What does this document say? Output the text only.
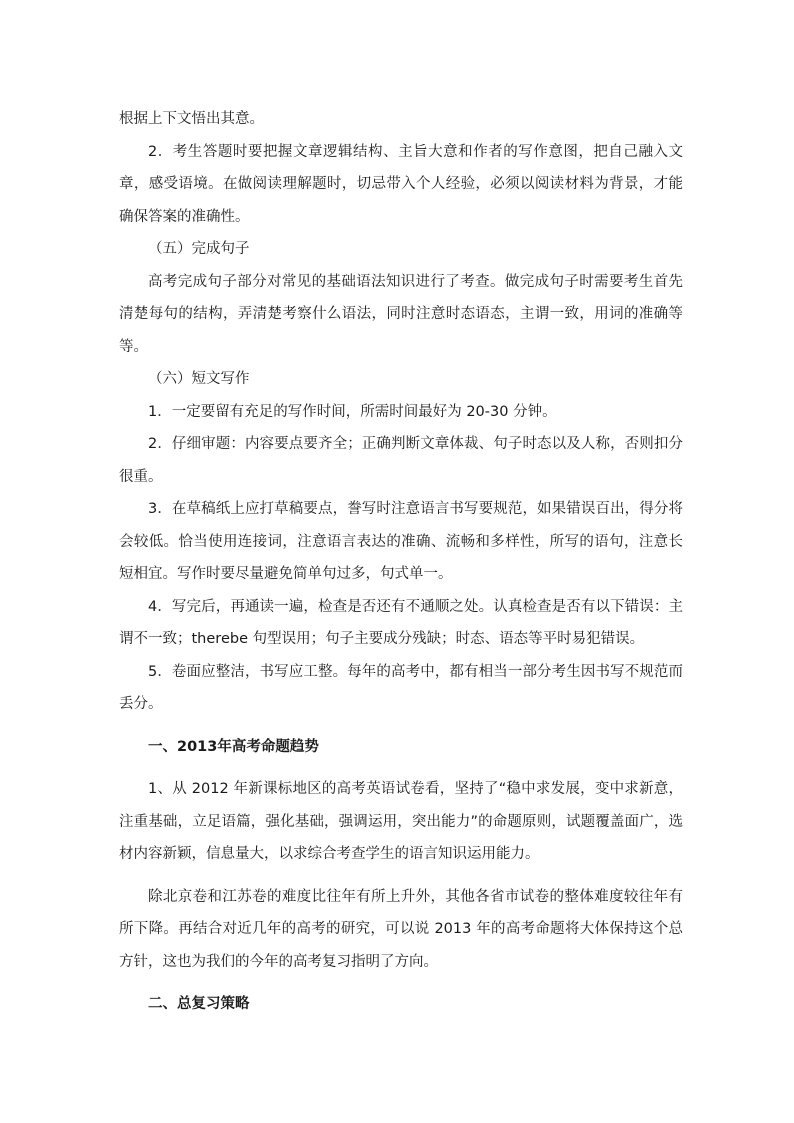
根据上下文悟出其意。

2．考生答题时要把握文章逻辑结构、主旨大意和作者的写作意图，把自己融入文章，感受语境。在做阅读理解题时，切忌带入个人经验，必须以阅读材料为背景，才能确保答案的准确性。

（五）完成句子

高考完成句子部分对常见的基础语法知识进行了考查。做完成句子时需要考生首先清楚每句的结构，弄清楚考察什么语法，同时注意时态语态，主谓一致，用词的准确等等。

（六）短文写作

1．一定要留有充足的写作时间，所需时间最好为 20-30 分钟。

2．仔细审题：内容要点要齐全；正确判断文章体裁、句子时态以及人称，否则扣分很重。

3．在草稿纸上应打草稿要点，誊写时注意语言书写要规范，如果错误百出，得分将会较低。恰当使用连接词，注意语言表达的准确、流畅和多样性，所写的语句，注意长短相宜。写作时要尽量避免简单句过多，句式单一。

4．写完后，再通读一遍，检查是否还有不通顺之处。认真检查是否有以下错误：主谓不一致；therebe 句型误用；句子主要成分残缺；时态、语态等平时易犯错误。

5．卷面应整洁，书写应工整。每年的高考中，都有相当一部分考生因书写不规范而丢分。

一、2013年高考命题趋势

1、从 2012 年新课标地区的高考英语试卷看，坚持了“稳中求发展，变中求新意，注重基础，立足语篇，强化基础，强调运用，突出能力”的命题原则，试题覆盖面广，选材内容新颖，信息量大，以求综合考查学生的语言知识运用能力。

除北京卷和江苏卷的难度比往年有所上升外，其他各省市试卷的整体难度较往年有所下降。再结合对近几年的高考的研究，可以说 2013 年的高考命题将大体保持这个总方针，这也为我们的今年的高考复习指明了方向。

二、总复习策略
